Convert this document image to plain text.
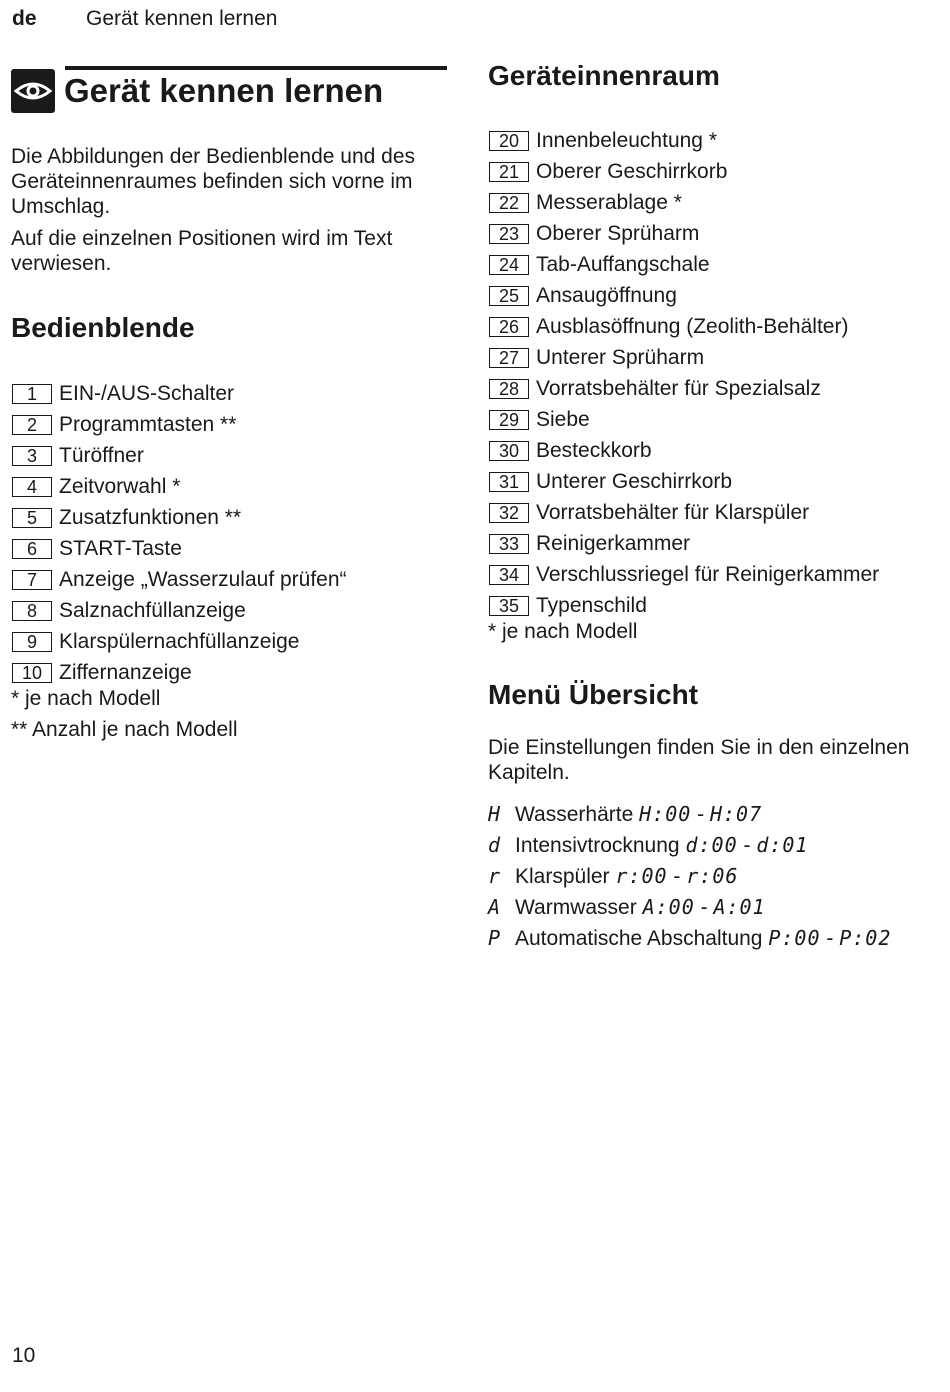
de Gerät kennen lernen
Gerät kennen lernen

Die Abbildungen der Bedienblende und des Geräteinnenraumes befinden sich vorne im Umschlag.

Auf die einzelnen Positionen wird im Text verwiesen.

Bedienblende
1	EIN-/AUS-Schalter
2	Programmtasten **
3	Türöffner
4	Zeitvorwahl *
5	Zusatzfunktionen **
6	START-Taste
7	Anzeige „Wasserzulauf prüfen“
8	Salznachfüllanzeige
9	Klarspülernachfüllanzeige
10 Ziffernanzeige

* je nach Modell

** Anzahl je nach Modell

Geräteinnenraum
20 Innenbeleuchtung *
21 Oberer Geschirrkorb
22 Messerablage *
23 Oberer Sprüharm
24 Tab-Auffangschale
25 Ansaugöffnung
26 Ausblasöffnung (Zeolith-Behälter)
27 Unterer Sprüharm
28 Vorratsbehälter für Spezialsalz
29 Siebe
30 Besteckkorb
31 Unterer Geschirrkorb
32 Vorratsbehälter für Klarspüler
33 Reinigerkammer
34 Verschlussriegel für Reinigerkammer
35 Typenschild

* je nach Modell

Menü Übersicht

Die Einstellungen finden Sie in den einzelnen Kapiteln.

H Wasserhärte H:00 - H:07
d Intensivtrocknung d:00 - d:01
r Klarspüler r:00 - r:06
A Warmwasser A:00 - A:01
P Automatische Abschaltung P:00 - P:02
10
